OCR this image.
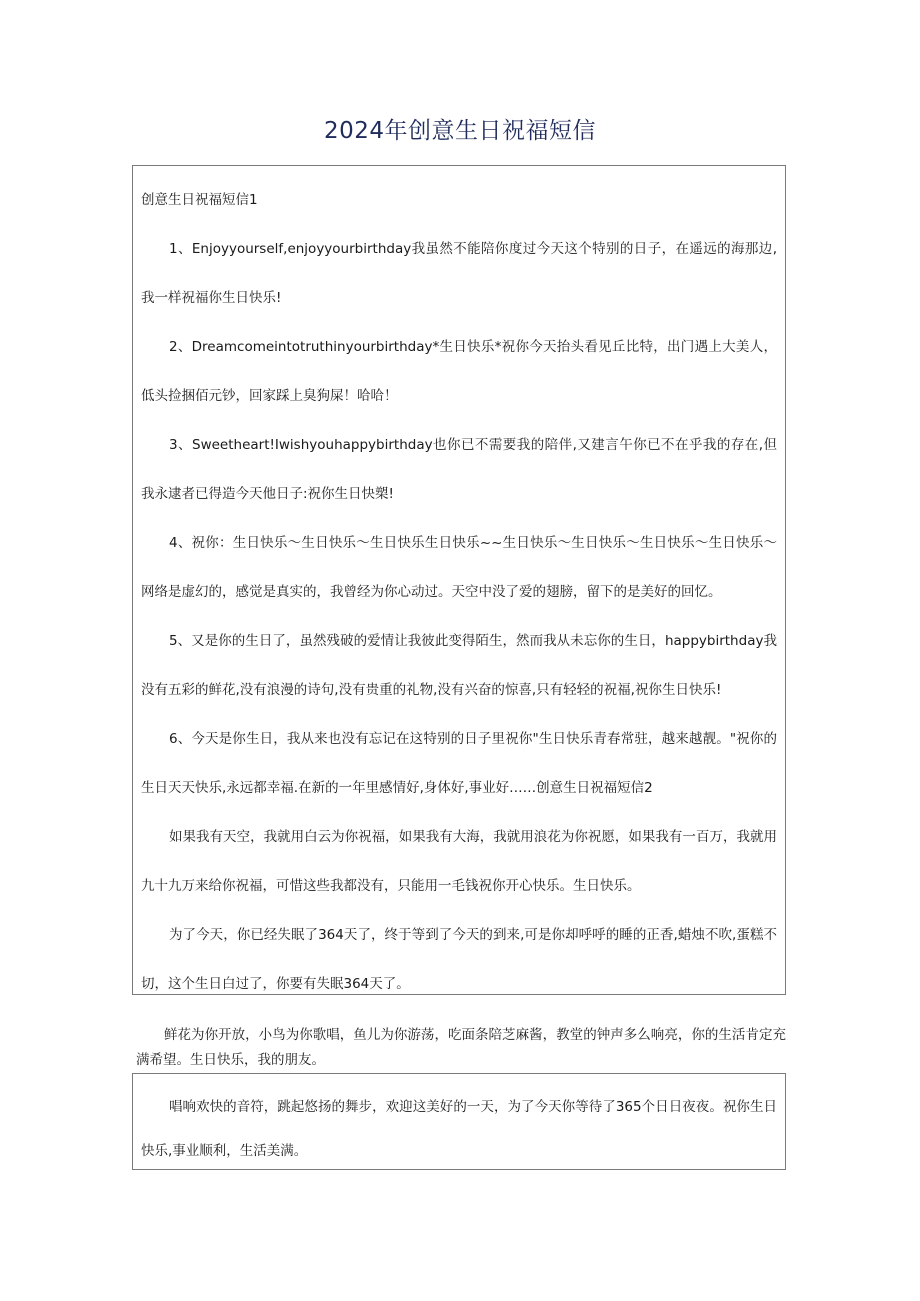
2024年创意生日祝福短信

创意生日祝福短信1

1、Enjoyyourself,enjoyyourbirthday我虽然不能陪你度过今天这个特别的日子，在遥远的海那边,我一样祝福你生日快乐!

2、Dreamcomeintotruthinyourbirthday*生日快乐*祝你今天抬头看见丘比特，出门遇上大美人，低头捡捆佰元钞，回家踩上臭狗屎！哈哈！

3、Sweetheart!Iwishyouhappybirthday也你已不需要我的陪伴,又建言午你已不在乎我的存在,但我永逮者已得造今天他日子:祝你生日快槊!

4、祝你：生日快乐〜生日快乐〜生日快乐生日快乐~~生日快乐〜生日快乐〜生日快乐〜生日快乐〜网络是虚幻的，感觉是真实的，我曾经为你心动过。天空中没了爱的翅膀，留下的是美好的回忆。

5、又是你的生日了，虽然残破的爱情让我彼此变得陌生，然而我从未忘你的生日，happybirthday我没有五彩的鲜花,没有浪漫的诗句,没有贵重的礼物,没有兴奋的惊喜,只有轻轻的祝福,祝你生日快乐!

6、今天是你生日，我从来也没有忘记在这特别的日子里祝你"生日快乐青春常驻，越来越靓。"祝你的生日天天快乐,永远都幸福.在新的一年里感情好,身体好,事业好……创意生日祝福短信2

如果我有天空，我就用白云为你祝福，如果我有大海，我就用浪花为你祝愿，如果我有一百万，我就用九十九万来给你祝福，可惜这些我都没有，只能用一毛钱祝你开心快乐。生日快乐。

为了今天，你已经失眠了364天了，终于等到了今天的到来,可是你却呼呼的睡的正香,蜡烛不吹,蛋糕不切，这个生日白过了，你要有失眠364天了。

鲜花为你开放，小鸟为你歌唱，鱼儿为你游荡，吃面条陪芝麻酱，教堂的钟声多么响亮，你的生活肯定充满希望。生日快乐，我的朋友。

唱响欢快的音符，跳起悠扬的舞步，欢迎这美好的一天，为了今天你等待了365个日日夜夜。祝你生日快乐,事业顺利，生活美满。
